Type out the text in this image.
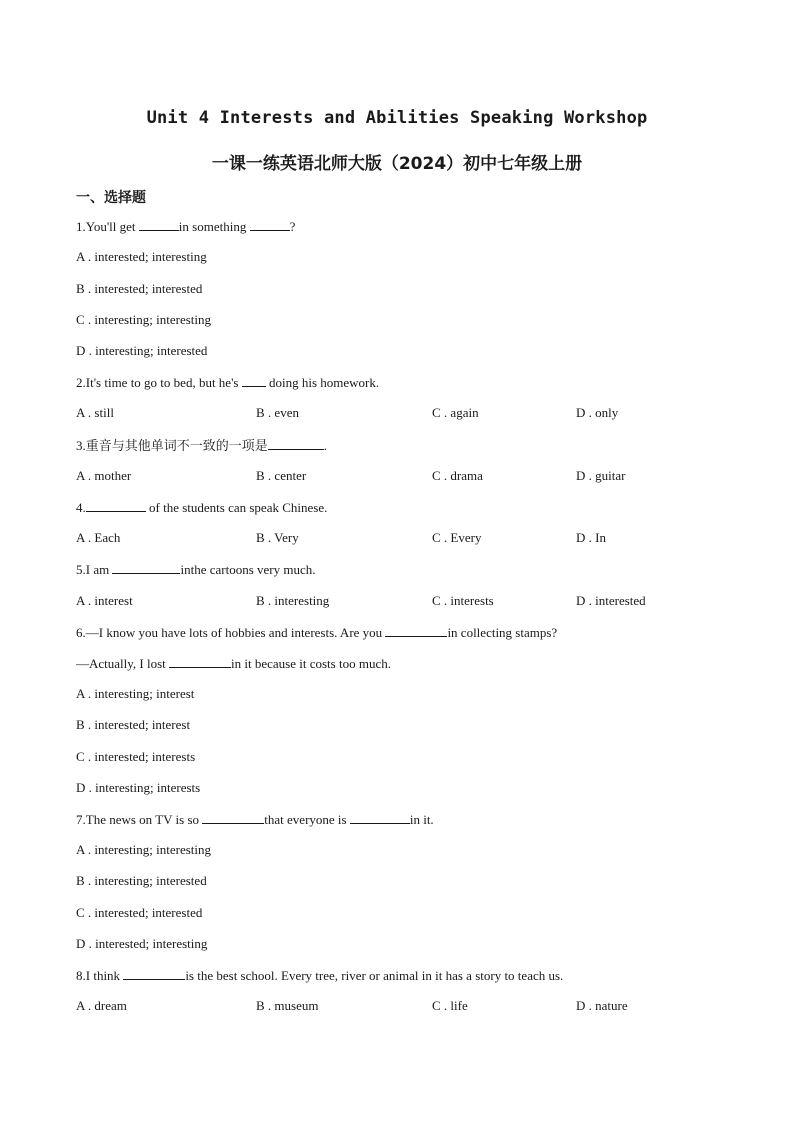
Unit 4 Interests and Abilities Speaking Workshop
一课一练英语北师大版（2024）初中七年级上册
一、选择题
1.You'll get	in something	?
A . interested; interesting
B . interested; interested
C . interesting; interesting
D . interesting; interested
2.It's time to go to bed, but he's  doing his homework.
A . still	B . even	C . again	D . only
3.重音与其他单词不一致的一项是	.
A . mother	B . center	C . drama	D . guitar
4.	of the students can speak Chinese.
A . Each	B . Very	C . Every	D . In
5.I am	inthe cartoons very much.
A . interest	B . interesting	C . interests	D . interested
6.—I know you have lots of hobbies and interests. Are you	in collecting stamps?
—Actually, I lost	in it because it costs too much.
A . interesting; interest
B . interested; interest
C . interested; interests
D . interesting; interests
7.The news on TV is so	that everyone is	in it.
A . interesting; interesting
B . interesting; interested
C . interested; interested
D . interested; interesting
8.I think	is the best school. Every tree, river or animal in it has a story to teach us.
A . dream	B . museum	C . life	D . nature
